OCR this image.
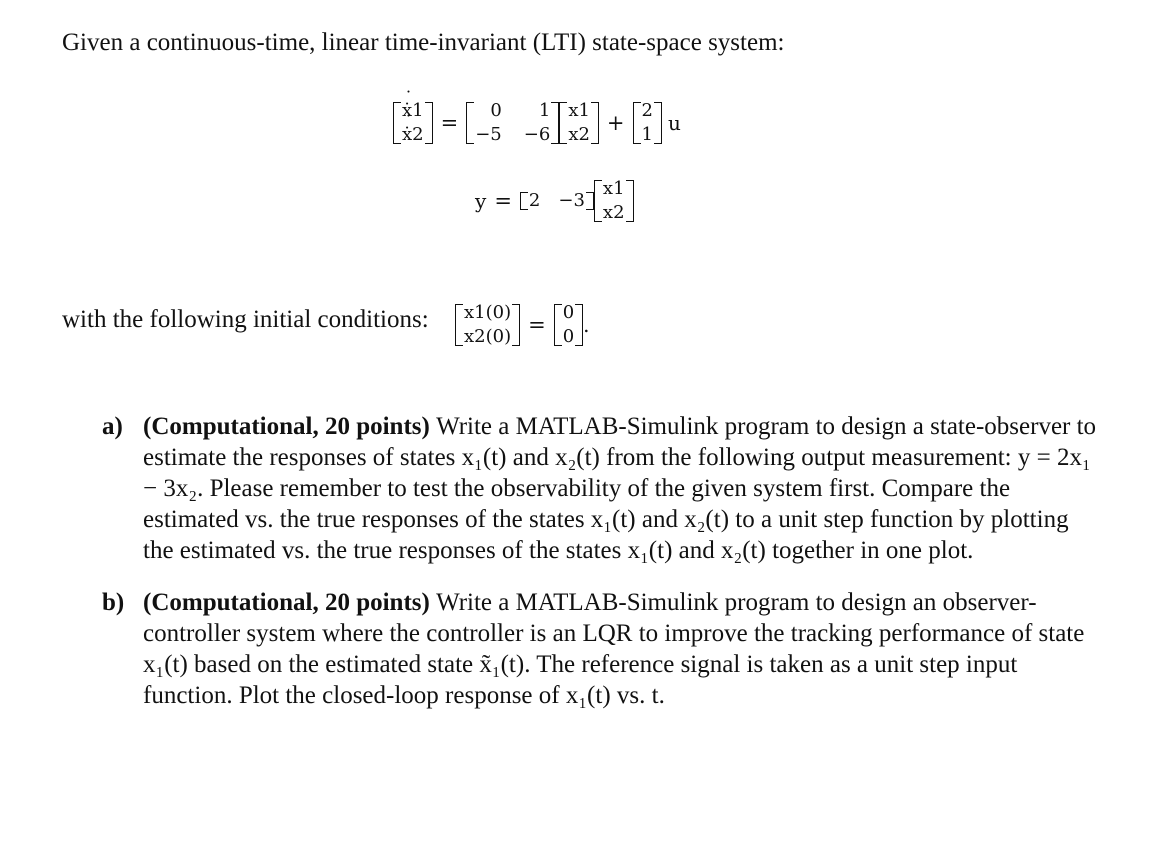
Given a continuous-time, linear time-invariant (LTI) state-space system:
ẋ1 ˙
ẋ2 ˙ =
0	1
−5 −6
x1
x2 +
2
1 u
y = 2 −3
x1
x2
with the following initial conditions: x1(0)
x2(0) =
0
0 .
a) (Computational, 20 points) Write a MATLAB-Simulink program to design a state-observer to estimate the responses of states x₁(t) and x₂(t) from the following output measurement: y = 2x₁ − 3x₂. Please remember to test the observability of the given system first. Compare the estimated vs. the true responses of the states x₁(t) and x₂(t) to a unit step function by plotting the estimated vs. the true responses of the states x₁(t) and x₂(t) together in one plot.
b) (Computational, 20 points) Write a MATLAB-Simulink program to design an observer-controller system where the controller is an LQR to improve the tracking performance of state x₁(t) based on the estimated state x̃₁(t). The reference signal is taken as a unit step input function. Plot the closed-loop response of x₁(t) vs. t.
